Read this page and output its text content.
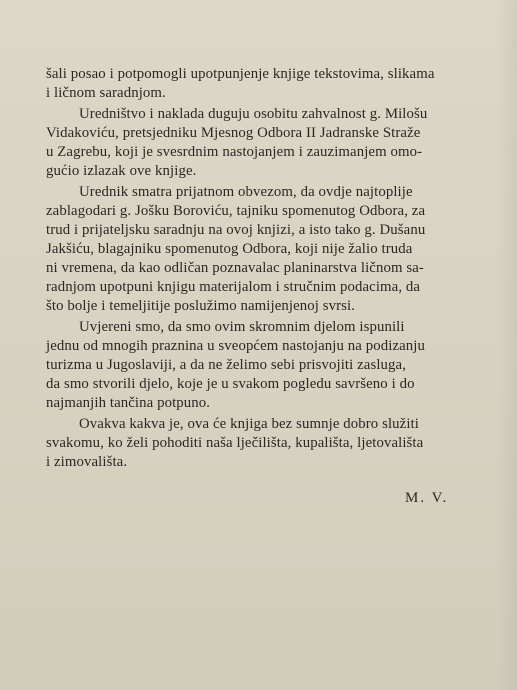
šali posao i potpomogli upotpunjenje knjige tekstovima, slikama
i ličnom saradnjom.
Uredništvo i naklada duguju osobitu zahvalnost g. Milošu
Vidakoviću, pretsjedniku Mjesnog Odbora II Jadranske Straže
u Zagrebu, koji je svesrdnim nastojanjem i zauzimanjem omo-
gućio izlazak ove knjige.
Urednik smatra prijatnom obvezom, da ovdje najtoplije
zablagodari g. Jošku Boroviću, tajniku spomenutog Odbora, za
trud i prijateljsku saradnju na ovoj knjizi, a isto tako g. Dušanu
Jakšiću, blagajniku spomenutog Odbora, koji nije žalio truda
ni vremena, da kao odličan poznavalac planinarstva ličnom sa-
radnjom upotpuni knjigu materijalom i stručnim podacima, da
što bolje i temeljitije poslužimo namijenjenoj svrsi.
Uvjereni smo, da smo ovim skromnim djelom ispunili
jednu od mnogih praznina u sveopćem nastojanju na podizanju
turizma u Jugoslaviji, a da ne želimo sebi prisvojiti zasluga,
da smo stvorili djelo, koje je u svakom pogledu savršeno i do
najmanjih tančina potpuno.
Ovakva kakva je, ova će knjiga bez sumnje dobro služiti
svakomu, ko želi pohoditi naša lječilišta, kupališta, ljetovališta
i zimovališta.
M. V.
